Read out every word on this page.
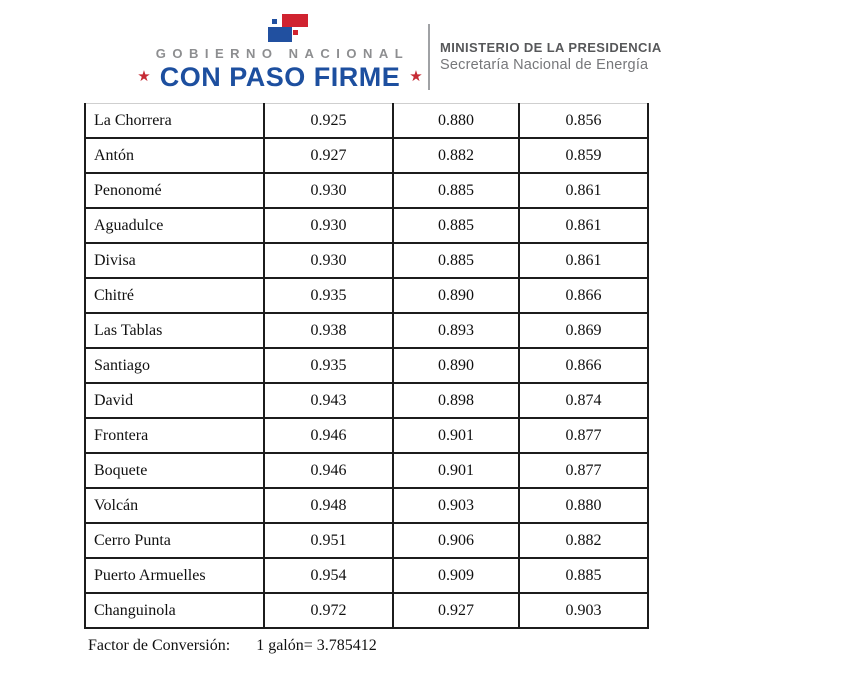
GOBIERNO NACIONAL
★ CON PASO FIRME ★
MINISTERIO DE LA PRESIDENCIA
Secretaría Nacional de Energía
La Chorrera	0.925	0.880	0.856
Antón	0.927	0.882	0.859
Penonomé	0.930	0.885	0.861
Aguadulce	0.930	0.885	0.861
Divisa	0.930	0.885	0.861
Chitré	0.935	0.890	0.866
Las Tablas	0.938	0.893	0.869
Santiago	0.935	0.890	0.866
David	0.943	0.898	0.874
Frontera	0.946	0.901	0.877
Boquete	0.946	0.901	0.877
Volcán	0.948	0.903	0.880
Cerro Punta	0.951	0.906	0.882
Puerto Armuelles	0.954	0.909	0.885
Changuinola	0.972	0.927	0.903
Factor de Conversión: 1 galón= 3.785412
